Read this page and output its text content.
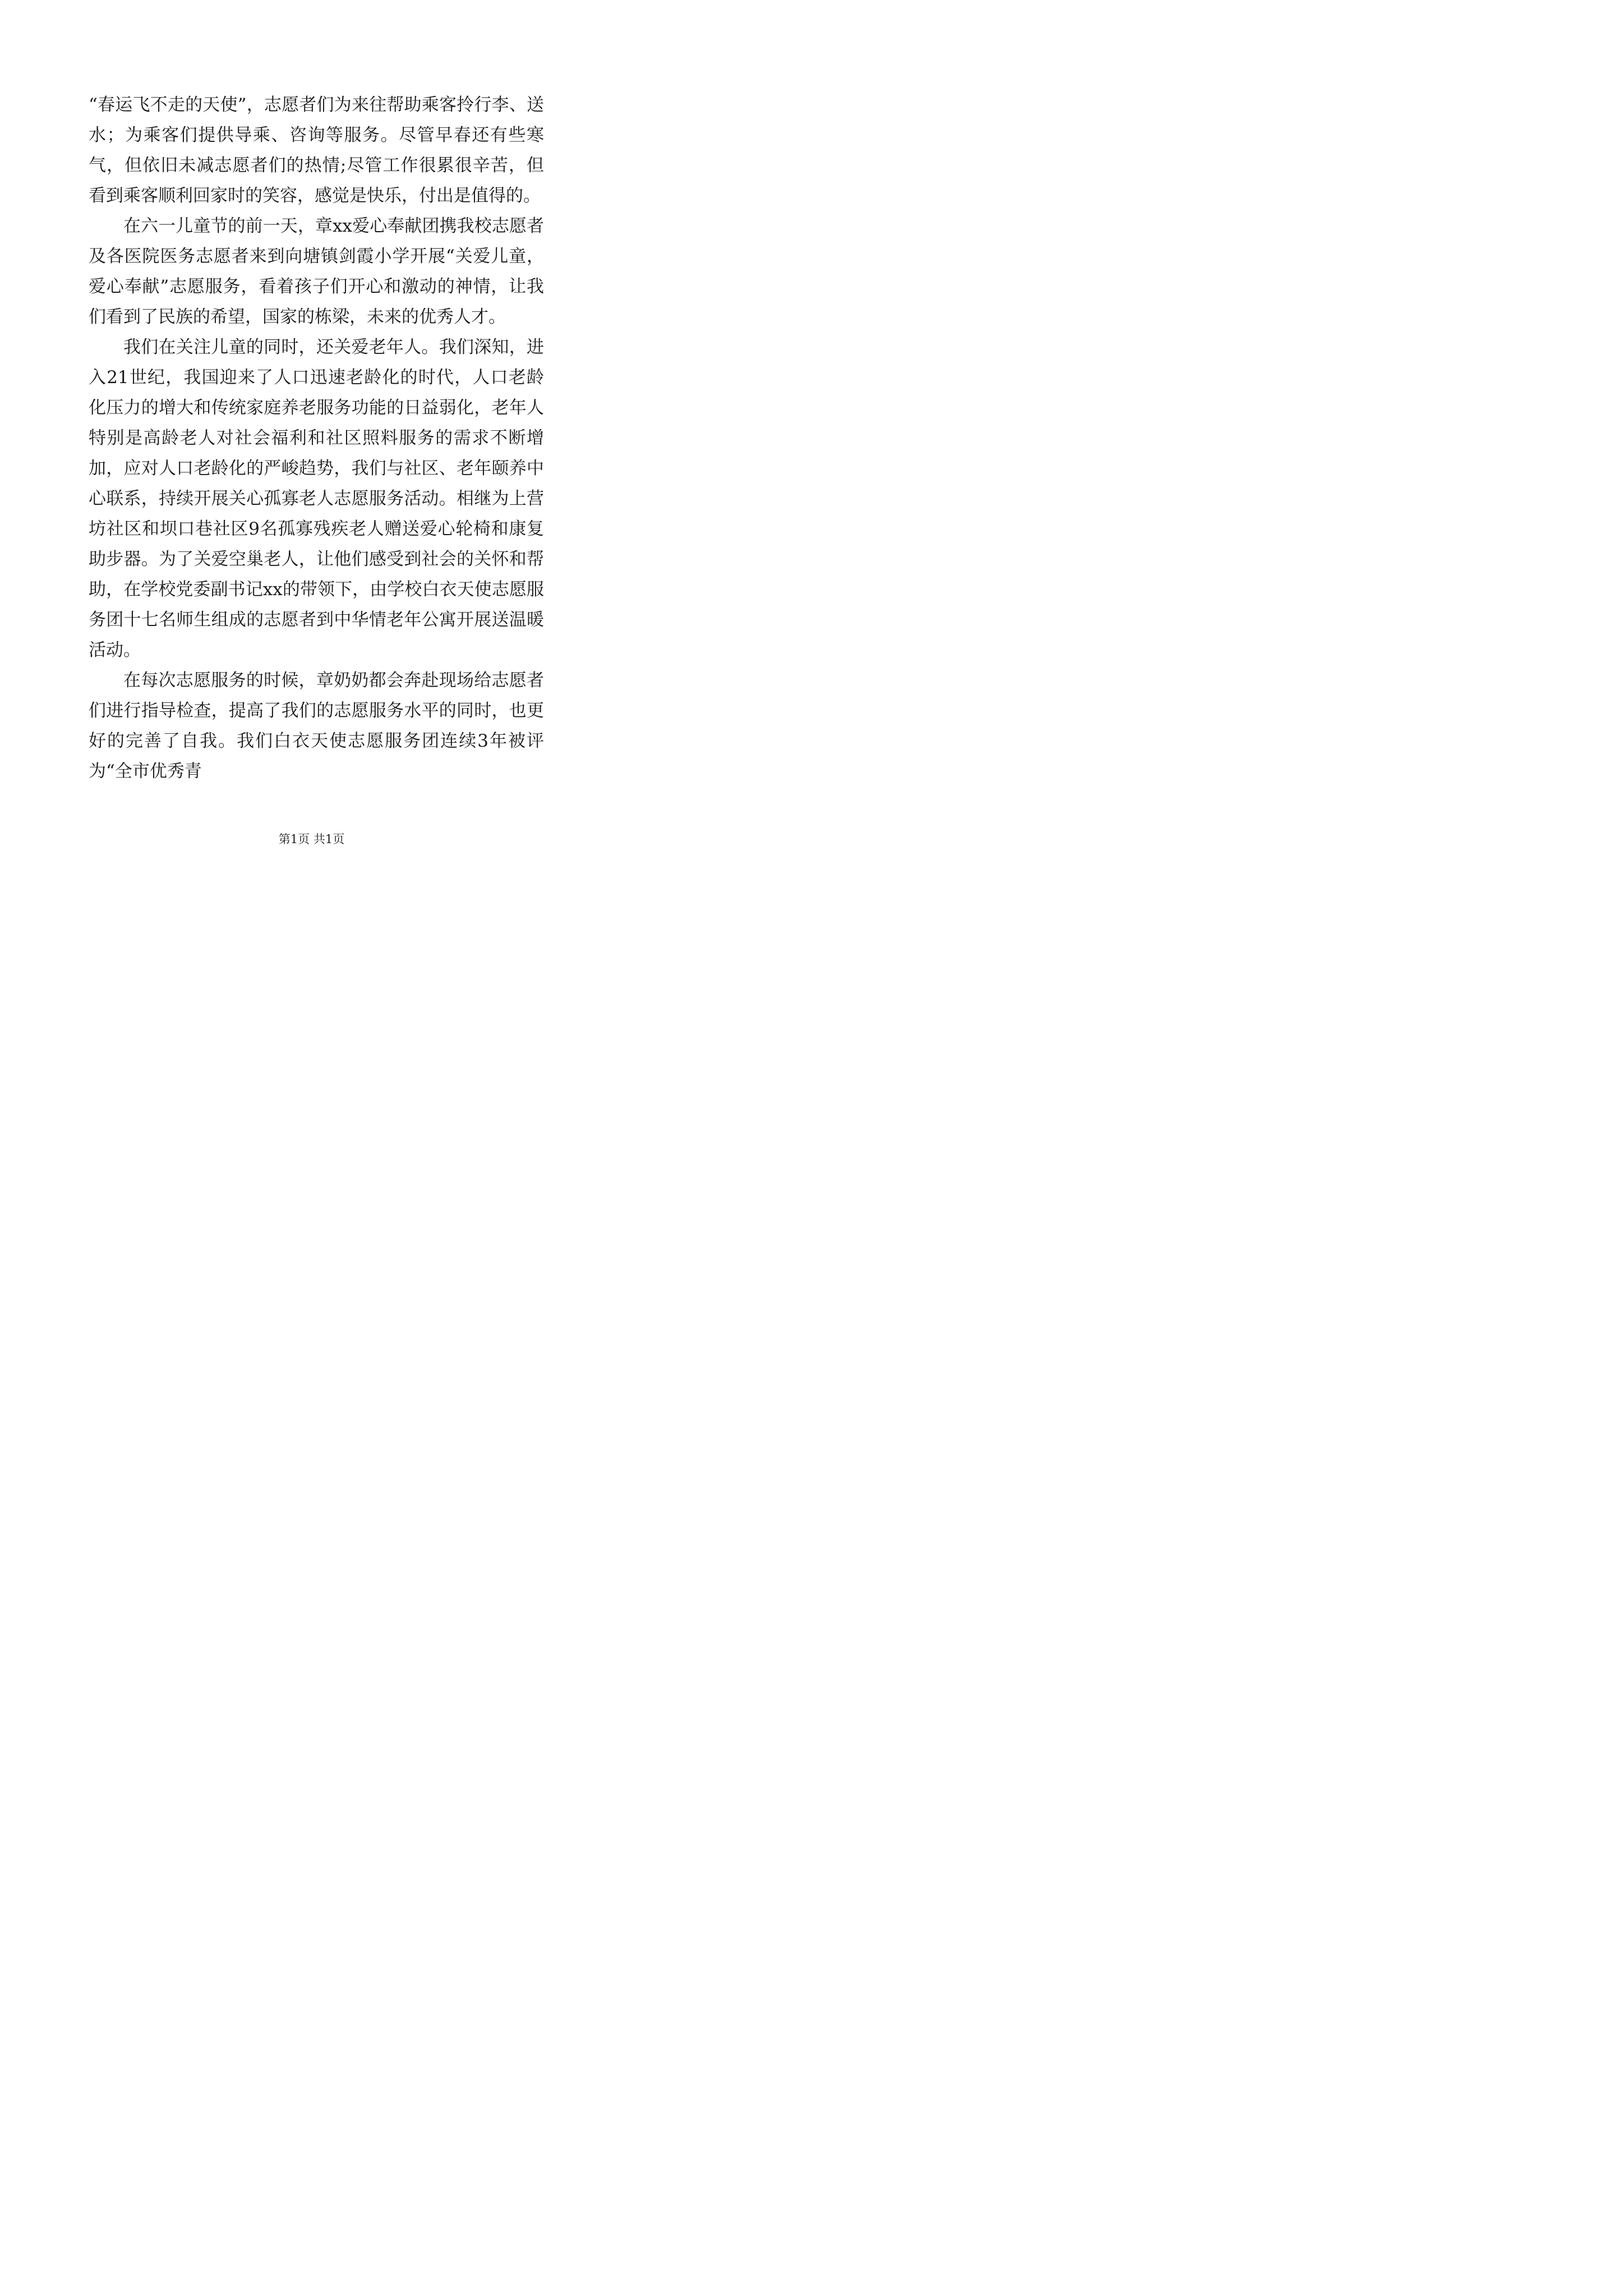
“春运飞不走的天使”，志愿者们为来往帮助乘客拎行李、送水；为乘客们提供导乘、咨询等服务。尽管早春还有些寒气，但依旧未减志愿者们的热情;尽管工作很累很辛苦，但看到乘客顺利回家时的笑容，感觉是快乐，付出是值得的。

在六一儿童节的前一天，章xx爱心奉献团携我校志愿者及各医院医务志愿者来到向塘镇剑霞小学开展“关爱儿童，爱心奉献”志愿服务，看着孩子们开心和激动的神情，让我们看到了民族的希望，国家的栋梁，未来的优秀人才。

我们在关注儿童的同时，还关爱老年人。我们深知，进入21世纪，我国迎来了人口迅速老龄化的时代，人口老龄化压力的增大和传统家庭养老服务功能的日益弱化，老年人特别是高龄老人对社会福利和社区照料服务的需求不断增加，应对人口老龄化的严峻趋势，我们与社区、老年颐养中心联系，持续开展关心孤寡老人志愿服务活动。相继为上营坊社区和坝口巷社区9名孤寡残疾老人赠送爱心轮椅和康复助步器。为了关爱空巢老人，让他们感受到社会的关怀和帮助，在学校党委副书记xx的带领下，由学校白衣天使志愿服务团十七名师生组成的志愿者到中华情老年公寓开展送温暖活动。

在每次志愿服务的时候，章奶奶都会奔赴现场给志愿者们进行指导检查，提高了我们的志愿服务水平的同时，也更好的完善了自我。我们白衣天使志愿服务团连续3年被评为“全市优秀青

第1页 共1页
